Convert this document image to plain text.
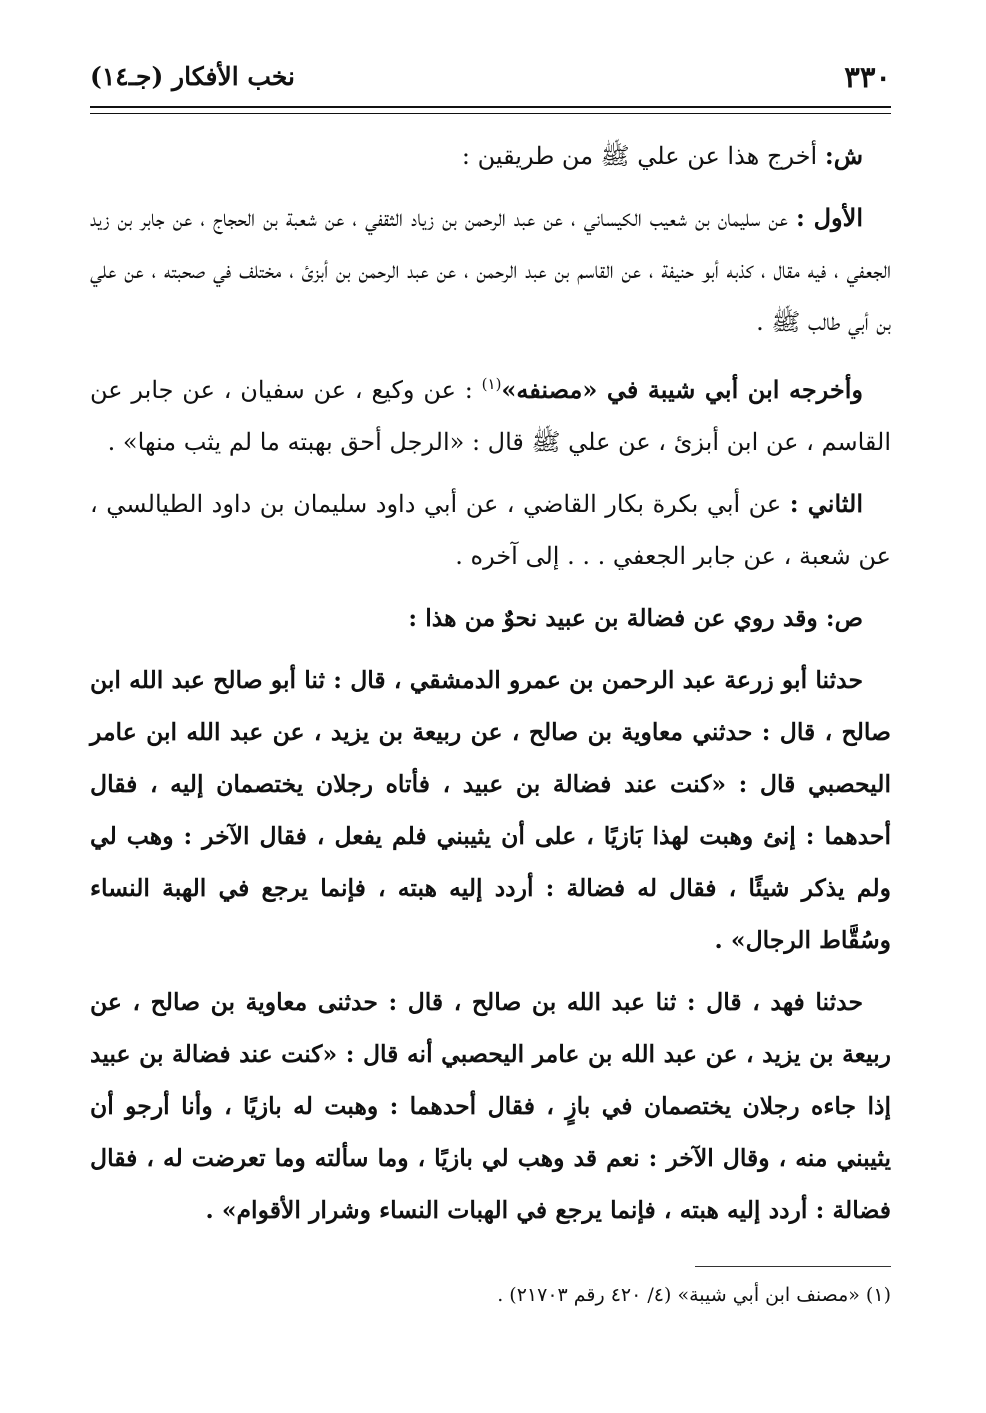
٣٣٠
نخب الأفكار (جـ١٤)

ش: أخرج هذا عن علي ﷺ من طريقين :

الأول : عن سليمان بن شعيب الكيساني ، عن عبد الرحمن بن زياد الثقفي ، عن شعبة بن الحجاج ، عن جابر بن زيد الجعفي ، فيه مقال ، كذبه أبو حنيفة ، عن القاسم بن عبد الرحمن ، عن عبد الرحمن بن أبزئ ، مختلف في صحبته ، عن علي بن أبي طالب ﷺ .

وأخرجه ابن أبي شيبة في «مصنفه»$^{(١)}$ : عن وكيع ، عن سفيان ، عن جابر عن القاسم ، عن ابن أبزئ ، عن علي ﷺ قال : «الرجل أحق بهبته ما لم يثب منها» .

الثاني : عن أبي بكرة بكار القاضي ، عن أبي داود سليمان بن داود الطيالسي ، عن شعبة ، عن جابر الجعفي . . . إلى آخره .

ص: وقد روي عن فضالة بن عبيد نحوٌ من هذا :

حدثنا أبو زرعة عبد الرحمن بن عمرو الدمشقي ، قال : ثنا أبو صالح عبد الله ابن صالح ، قال : حدثني معاوية بن صالح ، عن ربيعة بن يزيد ، عن عبد الله ابن عامر اليحصبي قال : «كنت عند فضالة بن عبيد ، فأتاه رجلان يختصمان إليه ، فقال أحدهما : إنئ وهبت لهذا بَازيًا ، على أن يثيبني فلم يفعل ، فقال الآخر : وهب لي ولم يذكر شيئًا ، فقال له فضالة : أردد إليه هبته ، فإنما يرجع في الهبة النساء وسُقَّاط الرجال» .

حدثنا فهد ، قال : ثنا عبد الله بن صالح ، قال : حدثنى معاوية بن صالح ، عن ربيعة بن يزيد ، عن عبد الله بن عامر اليحصبي أنه قال : «كنت عند فضالة بن عبيد إذا جاءه رجلان يختصمان في بازٍ ، فقال أحدهما : وهبت له بازيًا ، وأنا أرجو أن يثيبني منه ، وقال الآخر : نعم قد وهب لي بازيًا ، وما سألته وما تعرضت له ، فقال فضالة : أردد إليه هبته ، فإنما يرجع في الهبات النساء وشرار الأقوام» .

(١) «مصنف ابن أبي شيبة» (٤/ ٤٢٠ رقم ٢١٧٠٣) .
